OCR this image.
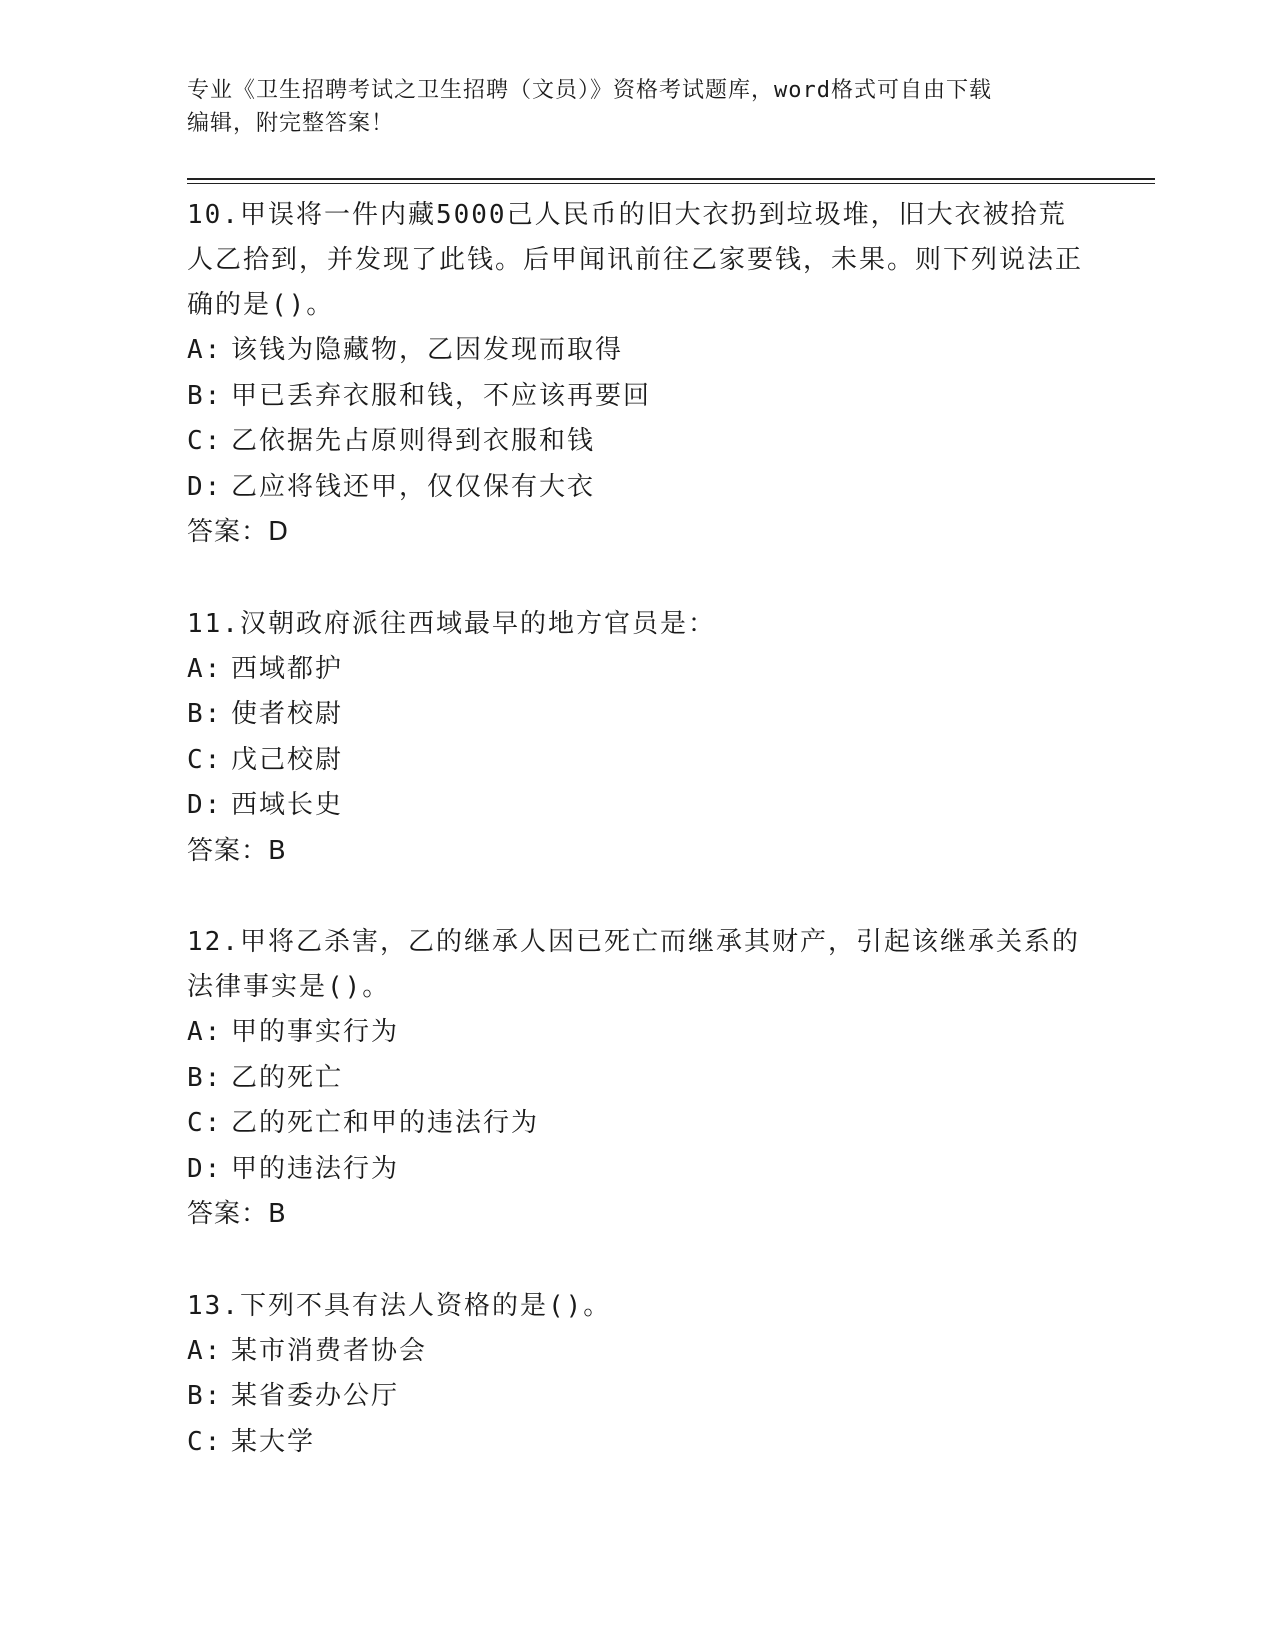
专业《卫生招聘考试之卫生招聘（文员）》资格考试题库，word格式可自由下载
编辑，附完整答案！

10.甲误将一件内藏5000己人民币的旧大衣扔到垃圾堆，旧大衣被拾荒人乙拾到，并发现了此钱。后甲闻讯前往乙家要钱，未果。则下列说法正确的是()。

A: 该钱为隐藏物，乙因发现而取得
B: 甲已丢弃衣服和钱，不应该再要回
C: 乙依据先占原则得到衣服和钱
D: 乙应将钱还甲，仅仅保有大衣
答案：D

11.汉朝政府派往西域最早的地方官员是：

A: 西域都护
B: 使者校尉
C: 戊己校尉
D: 西域长史
答案：B

12.甲将乙杀害，乙的继承人因已死亡而继承其财产，引起该继承关系的法律事实是()。

A: 甲的事实行为
B: 乙的死亡
C: 乙的死亡和甲的违法行为
D: 甲的违法行为
答案：B

13.下列不具有法人资格的是()。

A: 某市消费者协会
B: 某省委办公厅
C: 某大学
